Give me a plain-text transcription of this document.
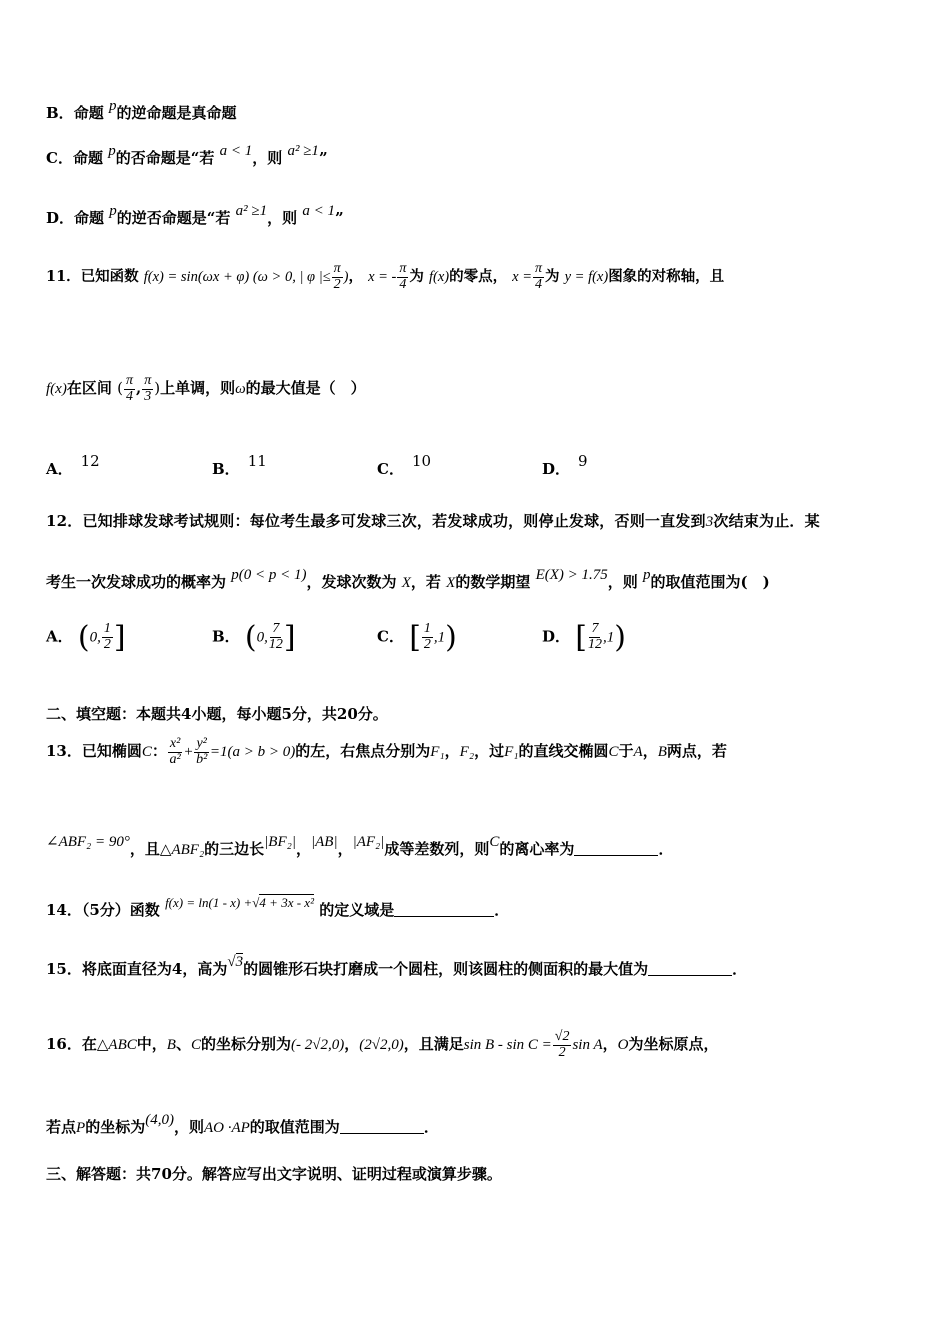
B．命题 p的逆命题是真命题
C．命题 p的否命题是“若 a < 1，则 a² ≥1”
D．命题 p的逆否命题是“若 a² ≥1，则 a < 1”
11．已知函数 f(x) = sin(ωx + φ) (ω > 0, | φ |≤ $\frac{\pi}{2}$ )， x = - $\frac{\pi}{4}$ 为 f(x)的零点， $x = \frac{\pi}{4}$ 为 y = f(x)图象的对称轴，且
f(x)在区间 ( $\frac{\pi}{4}$ , $\frac{\pi}{3}$ )上单调，则ω的最大值是（　）
A． 12	B． 11	C． 10	D． 9
12．已知排球发球考试规则：每位考生最多可发球三次，若发球成功，则停止发球，否则一直发到3次结束为止．某
考生一次发球成功的概率为 p(0 < p < 1)，发球次数为 X，若 X的数学期望 E(X) > 1.75，则 p的取值范围为(　)
A． (0, $\frac{1}{2}$ ]	B． (0, $\frac{7}{12}$ ]	C． [ $\frac{1}{2} ,1$)	D． [ $\frac{7}{12} ,1$)
二、填空题：本题共4小题，每小题5分，共20分。
13．已知椭圆C： $\frac{\text{x²}}{\text{a²}} + \frac{\text{y²}}{\text{b²}} =1(a > b > 0)$的左，右焦点分别为F₁，F₂，过F₁的直线交椭圆C于A，B两点，若
∠ABF₂ = 90°，且△ABF₂的三边长|BF₂|，|AB|，|AF₂|成等差数列，则C的离心率为	．
14．（5分）函数 f(x) = ln(1 - x) +√4 + 3x - x² 的定义域是	．
15．将底面直径为4，高为√3的圆锥形石块打磨成一个圆柱，则该圆柱的侧面积的最大值为	．
16．在△ABC中，B、C的坐标分别为(- 2√2,0)，(2√2,0)，且满足$\sin B - \sin C = \frac{√2}{2}$ sin A，O为坐标原点，
若点P的坐标为(4,0)，则AO ·AP的取值范围为	．
三、解答题：共70分。解答应写出文字说明、证明过程或演算步骤。
